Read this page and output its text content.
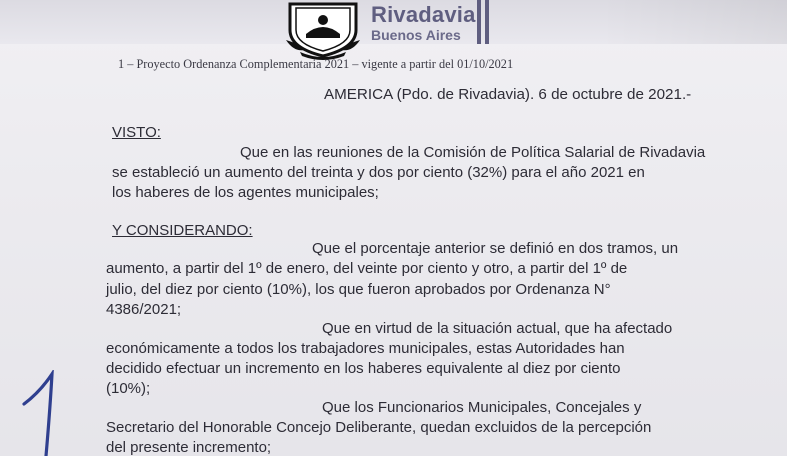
Rivadavia
Buenos Aires
1 – Proyecto Ordenanza Complementaria 2021 – vigente a partir del 01/10/2021
AMERICA (Pdo. de Rivadavia). 6 de octubre de 2021.-
VISTO:
Que en las reuniones de la Comisión de Política Salarial de Rivadavia
se estableció un aumento del treinta y dos por ciento (32%) para el año 2021 en
los haberes de los agentes municipales;
Y CONSIDERANDO:
Que el porcentaje anterior se definió en dos tramos, un
aumento, a partir del 1º de enero, del veinte por ciento y otro, a partir del 1º de
julio, del diez por ciento (10%), los que fueron aprobados por Ordenanza N°
4386/2021;
Que en virtud de la situación actual, que ha afectado
económicamente a todos los trabajadores municipales, estas Autoridades han
decidido efectuar un incremento en los haberes equivalente al diez por ciento
(10%);
Que los Funcionarios Municipales, Concejales y
Secretario del Honorable Concejo Deliberante, quedan excluidos de la percepción
del presente incremento;
